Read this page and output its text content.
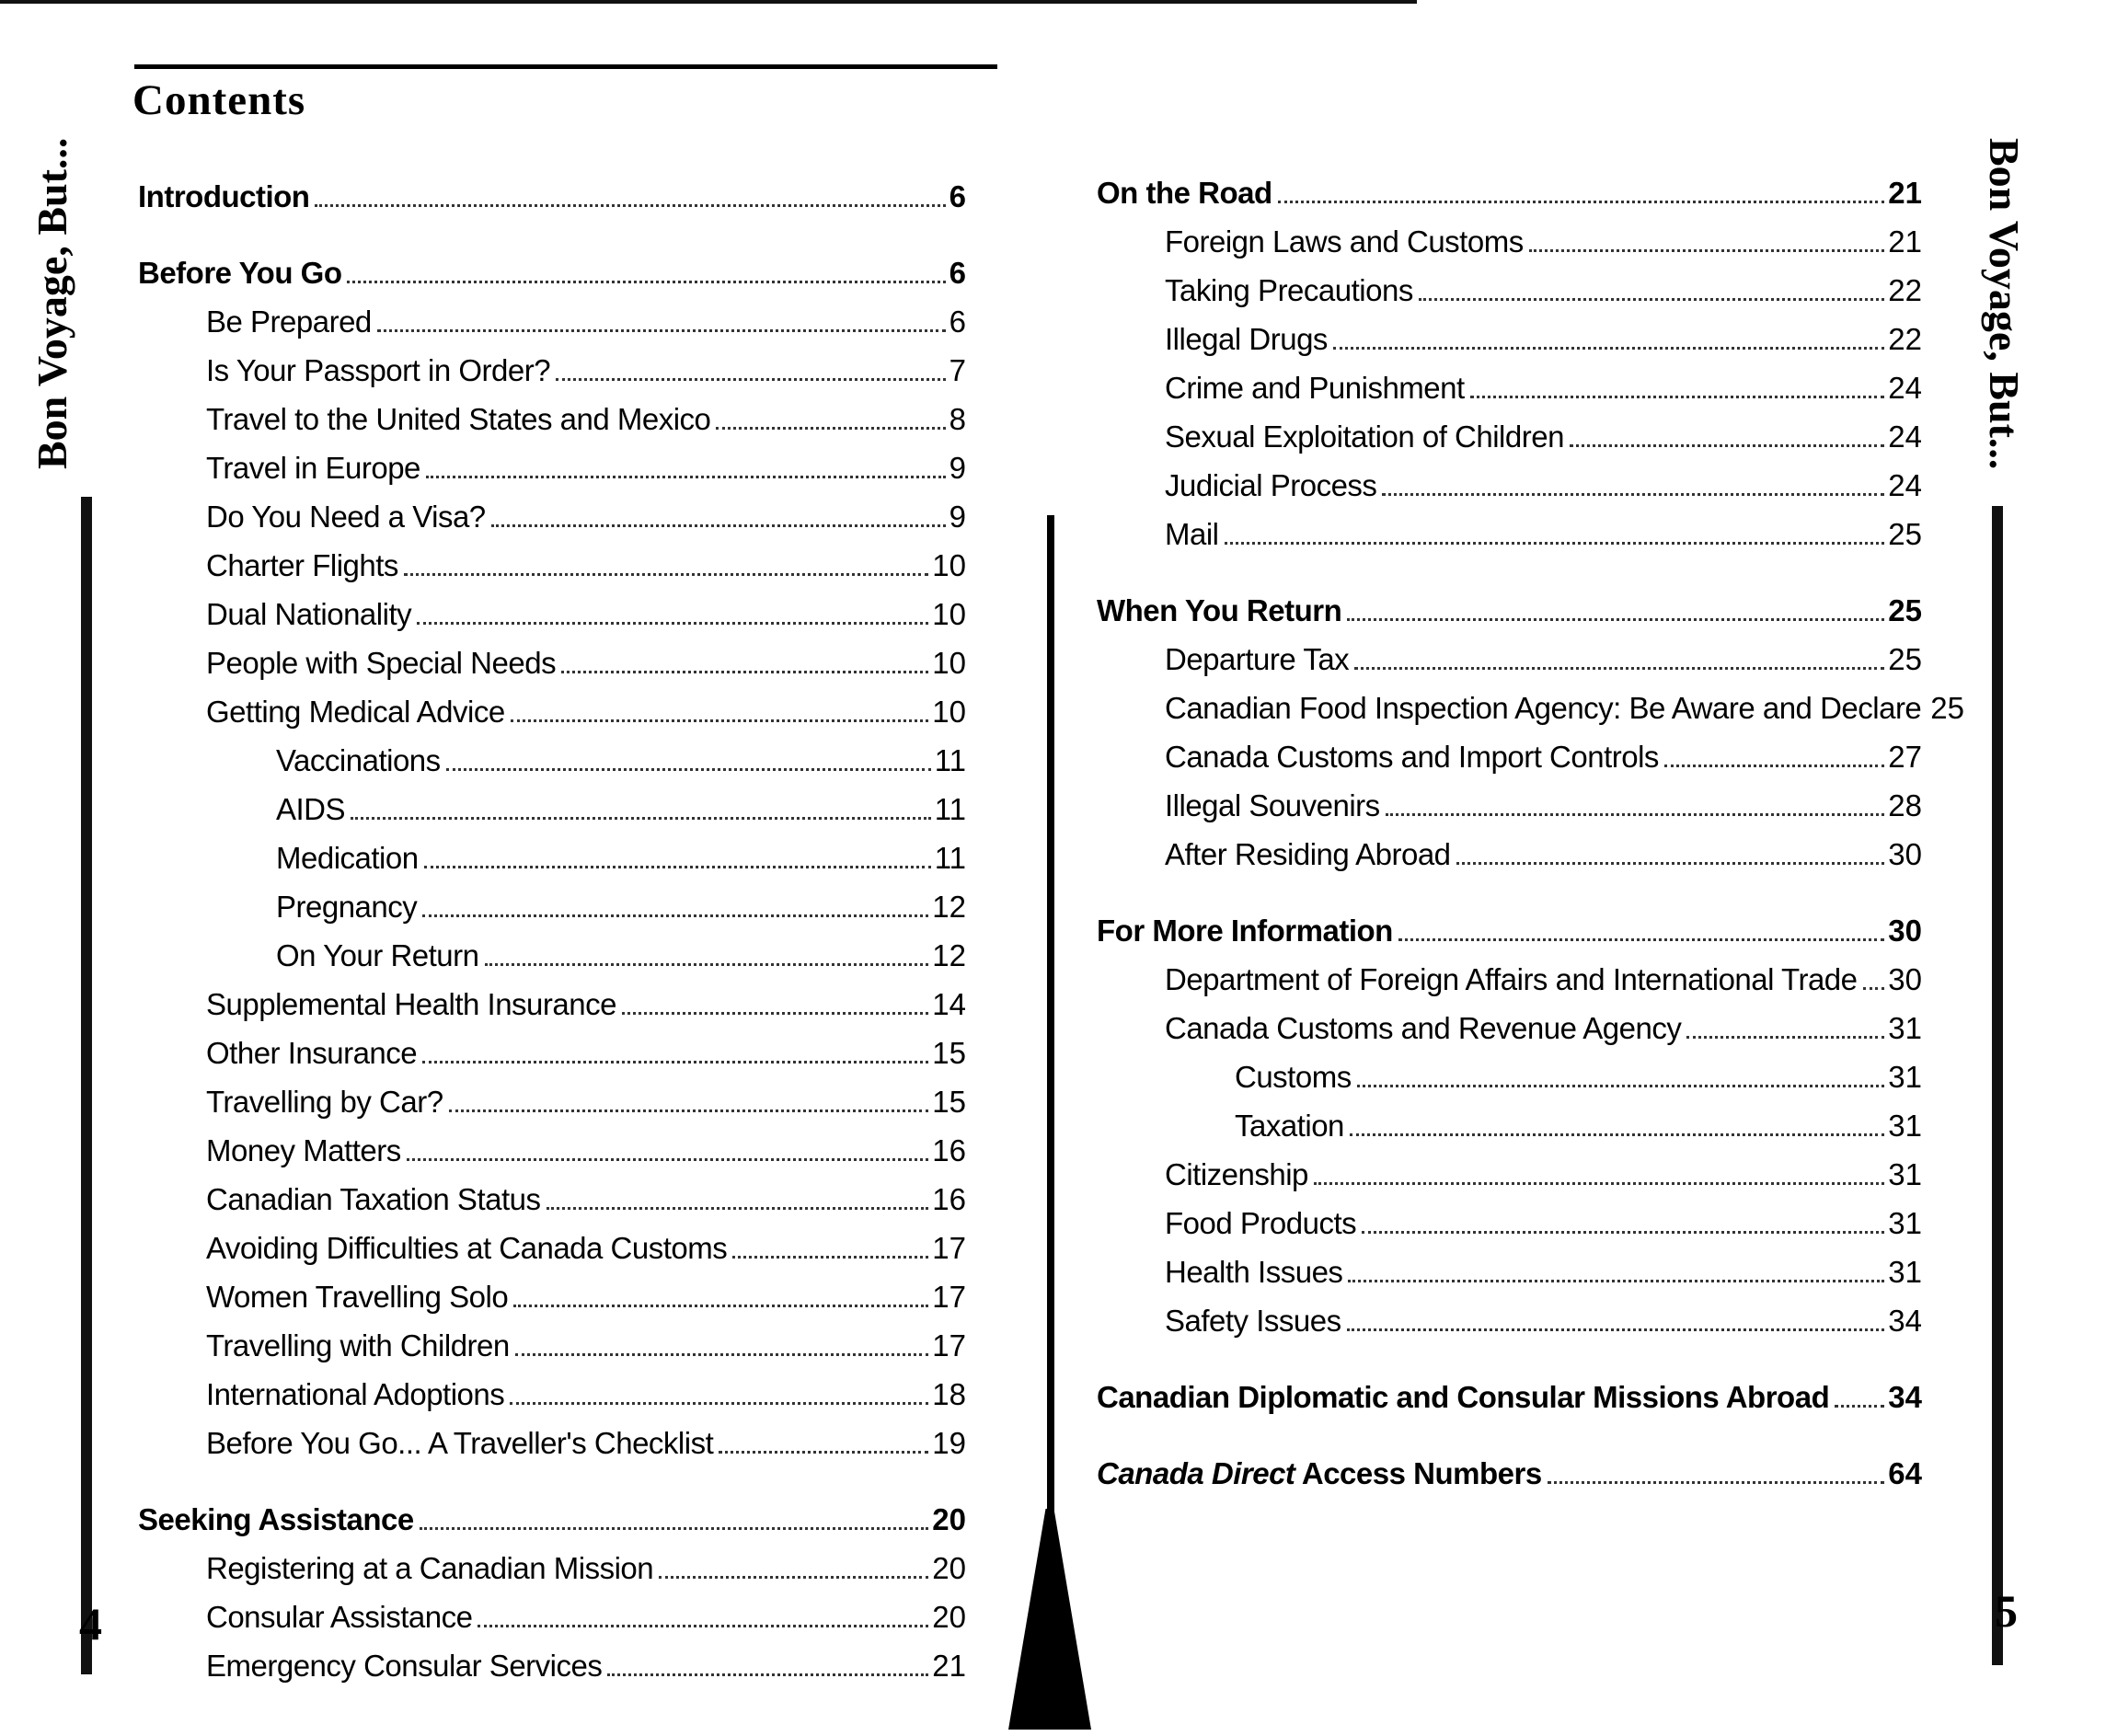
Contents
Bon Voyage, But...
4
Bon Voyage, But...
5
Introduction	6
Before You Go	6
Be Prepared	6
Is Your Passport in Order?	7
Travel to the United States and Mexico	8
Travel in Europe	9
Do You Need a Visa?	9
Charter Flights	10
Dual Nationality	10
People with Special Needs	10
Getting Medical Advice	10
Vaccinations	11
AIDS	11
Medication	11
Pregnancy	12
On Your Return	12
Supplemental Health Insurance	14
Other Insurance	15
Travelling by Car?	15
Money Matters	16
Canadian Taxation Status	16
Avoiding Difficulties at Canada Customs	17
Women Travelling Solo	17
Travelling with Children	17
International Adoptions	18
Before You Go... A Traveller's Checklist	19
Seeking Assistance	20
Registering at a Canadian Mission	20
Consular Assistance	20
Emergency Consular Services	21
On the Road	21
Foreign Laws and Customs	21
Taking Precautions	22
Illegal Drugs	22
Crime and Punishment	24
Sexual Exploitation of Children	24
Judicial Process	24
Mail	25
When You Return	25
Departure Tax	25
Canadian Food Inspection Agency: Be Aware and Declare 25
Canada Customs and Import Controls	27
Illegal Souvenirs	28
After Residing Abroad	30
For More Information	30
Department of Foreign Affairs and International Trade 30
Canada Customs and Revenue Agency	31
Customs	31
Taxation	31
Citizenship	31
Food Products	31
Health Issues	31
Safety Issues	34
Canadian Diplomatic and Consular Missions Abroad 34
Canada Direct Access Numbers	64
